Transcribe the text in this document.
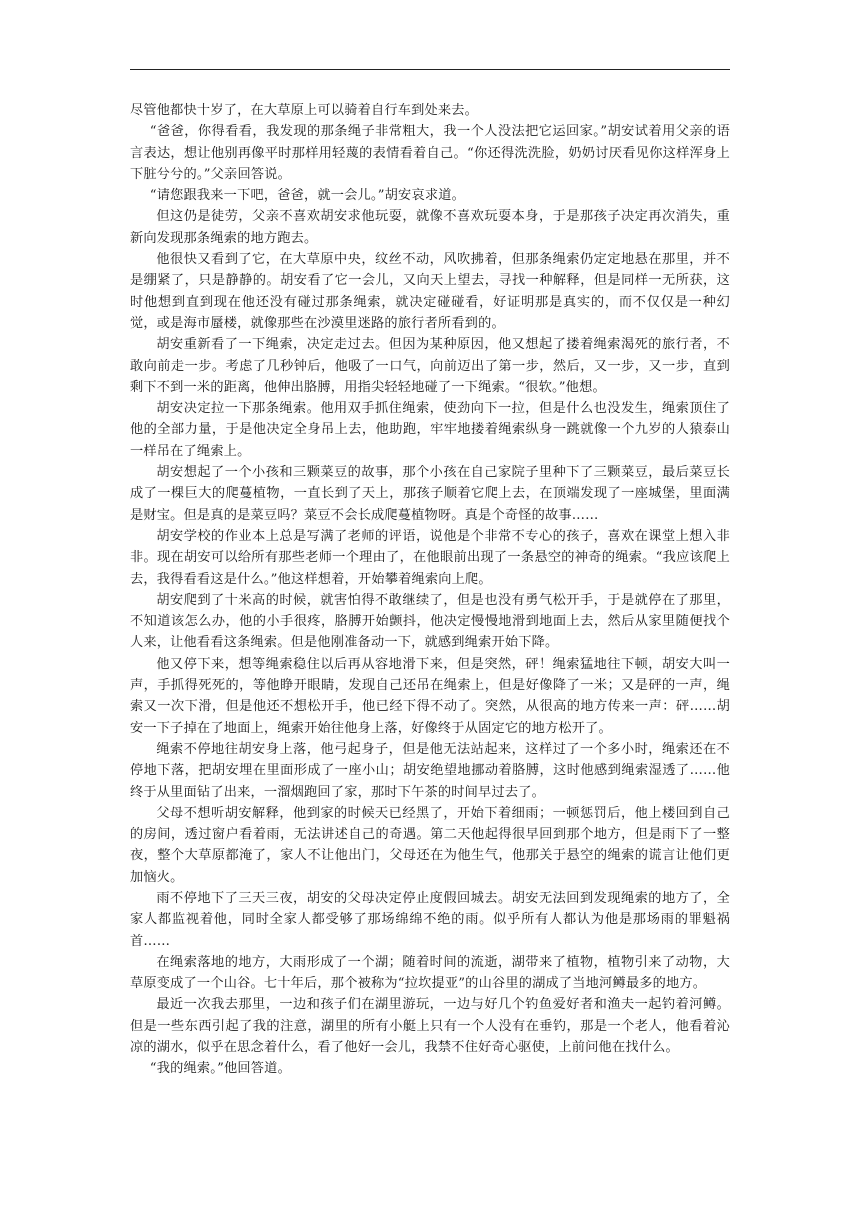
尽管他都快十岁了，在大草原上可以骑着自行车到处来去。

“爸爸，你得看看，我发现的那条绳子非常粗大，我一个人没法把它运回家。”胡安试着用父亲的语言表达，想让他别再像平时那样用轻蔑的表情看着自己。“你还得洗洗脸，奶奶讨厌看见你这样浑身上下脏兮兮的。”父亲回答说。

“请您跟我来一下吧，爸爸，就一会儿。”胡安哀求道。

但这仍是徒劳，父亲不喜欢胡安求他玩耍，就像不喜欢玩耍本身，于是那孩子决定再次消失，重新向发现那条绳索的地方跑去。

他很快又看到了它，在大草原中央，纹丝不动，风吹拂着，但那条绳索仍定定地悬在那里，并不是绷紧了，只是静静的。胡安看了它一会儿，又向天上望去，寻找一种解释，但是同样一无所获，这时他想到直到现在他还没有碰过那条绳索，就决定碰碰看，好证明那是真实的，而不仅仅是一种幻觉，或是海市蜃楼，就像那些在沙漠里迷路的旅行者所看到的。

胡安重新看了一下绳索，决定走过去。但因为某种原因，他又想起了搂着绳索渴死的旅行者，不敢向前走一步。考虑了几秒钟后，他吸了一口气，向前迈出了第一步，然后，又一步，又一步，直到剩下不到一米的距离，他伸出胳膊，用指尖轻轻地碰了一下绳索。“很软。”他想。

胡安决定拉一下那条绳索。他用双手抓住绳索，使劲向下一拉，但是什么也没发生，绳索顶住了他的全部力量，于是他决定全身吊上去，他助跑，牢牢地搂着绳索纵身一跳就像一个九岁的人猿泰山一样吊在了绳索上。

胡安想起了一个小孩和三颗菜豆的故事，那个小孩在自己家院子里种下了三颗菜豆，最后菜豆长成了一棵巨大的爬蔓植物，一直长到了天上，那孩子顺着它爬上去，在顶端发现了一座城堡，里面满是财宝。但是真的是菜豆吗？菜豆不会长成爬蔓植物呀。真是个奇怪的故事……

胡安学校的作业本上总是写满了老师的评语，说他是个非常不专心的孩子，喜欢在课堂上想入非非。现在胡安可以给所有那些老师一个理由了，在他眼前出现了一条悬空的神奇的绳索。“我应该爬上去，我得看看这是什么。”他这样想着，开始攀着绳索向上爬。

胡安爬到了十米高的时候，就害怕得不敢继续了，但是也没有勇气松开手，于是就停在了那里，不知道该怎么办，他的小手很疼，胳膊开始颤抖，他决定慢慢地滑到地面上去，然后从家里随便找个人来，让他看看这条绳索。但是他刚准备动一下，就感到绳索开始下降。

他又停下来，想等绳索稳住以后再从容地滑下来，但是突然，砰！绳索猛地往下顿，胡安大叫一声，手抓得死死的，等他睁开眼睛，发现自己还吊在绳索上，但是好像降了一米；又是砰的一声，绳索又一次下滑，但是他还不想松开手，他已经下得不动了。突然，从很高的地方传来一声：砰……胡安一下子掉在了地面上，绳索开始往他身上落，好像终于从固定它的地方松开了。

绳索不停地往胡安身上落，他弓起身子，但是他无法站起来，这样过了一个多小时，绳索还在不停地下落，把胡安埋在里面形成了一座小山；胡安绝望地挪动着胳膊，这时他感到绳索湿透了……他终于从里面钻了出来，一溜烟跑回了家，那时下午茶的时间早过去了。

父母不想听胡安解释，他到家的时候天已经黑了，开始下着细雨；一顿惩罚后，他上楼回到自己的房间，透过窗户看着雨，无法讲述自己的奇遇。第二天他起得很早回到那个地方，但是雨下了一整夜，整个大草原都淹了，家人不让他出门，父母还在为他生气，他那关于悬空的绳索的谎言让他们更加恼火。

雨不停地下了三天三夜，胡安的父母决定停止度假回城去。胡安无法回到发现绳索的地方了，全家人都监视着他，同时全家人都受够了那场绵绵不绝的雨。似乎所有人都认为他是那场雨的罪魁祸首……

在绳索落地的地方，大雨形成了一个湖；随着时间的流逝，湖带来了植物，植物引来了动物，大草原变成了一个山谷。七十年后，那个被称为“拉坎提亚”的山谷里的湖成了当地河鳟最多的地方。

最近一次我去那里，一边和孩子们在湖里游玩，一边与好几个钓鱼爱好者和渔夫一起钓着河鳟。但是一些东西引起了我的注意，湖里的所有小艇上只有一个人没有在垂钓，那是一个老人，他看着沁凉的湖水，似乎在思念着什么，看了他好一会儿，我禁不住好奇心驱使，上前问他在找什么。

“我的绳索。”他回答道。
